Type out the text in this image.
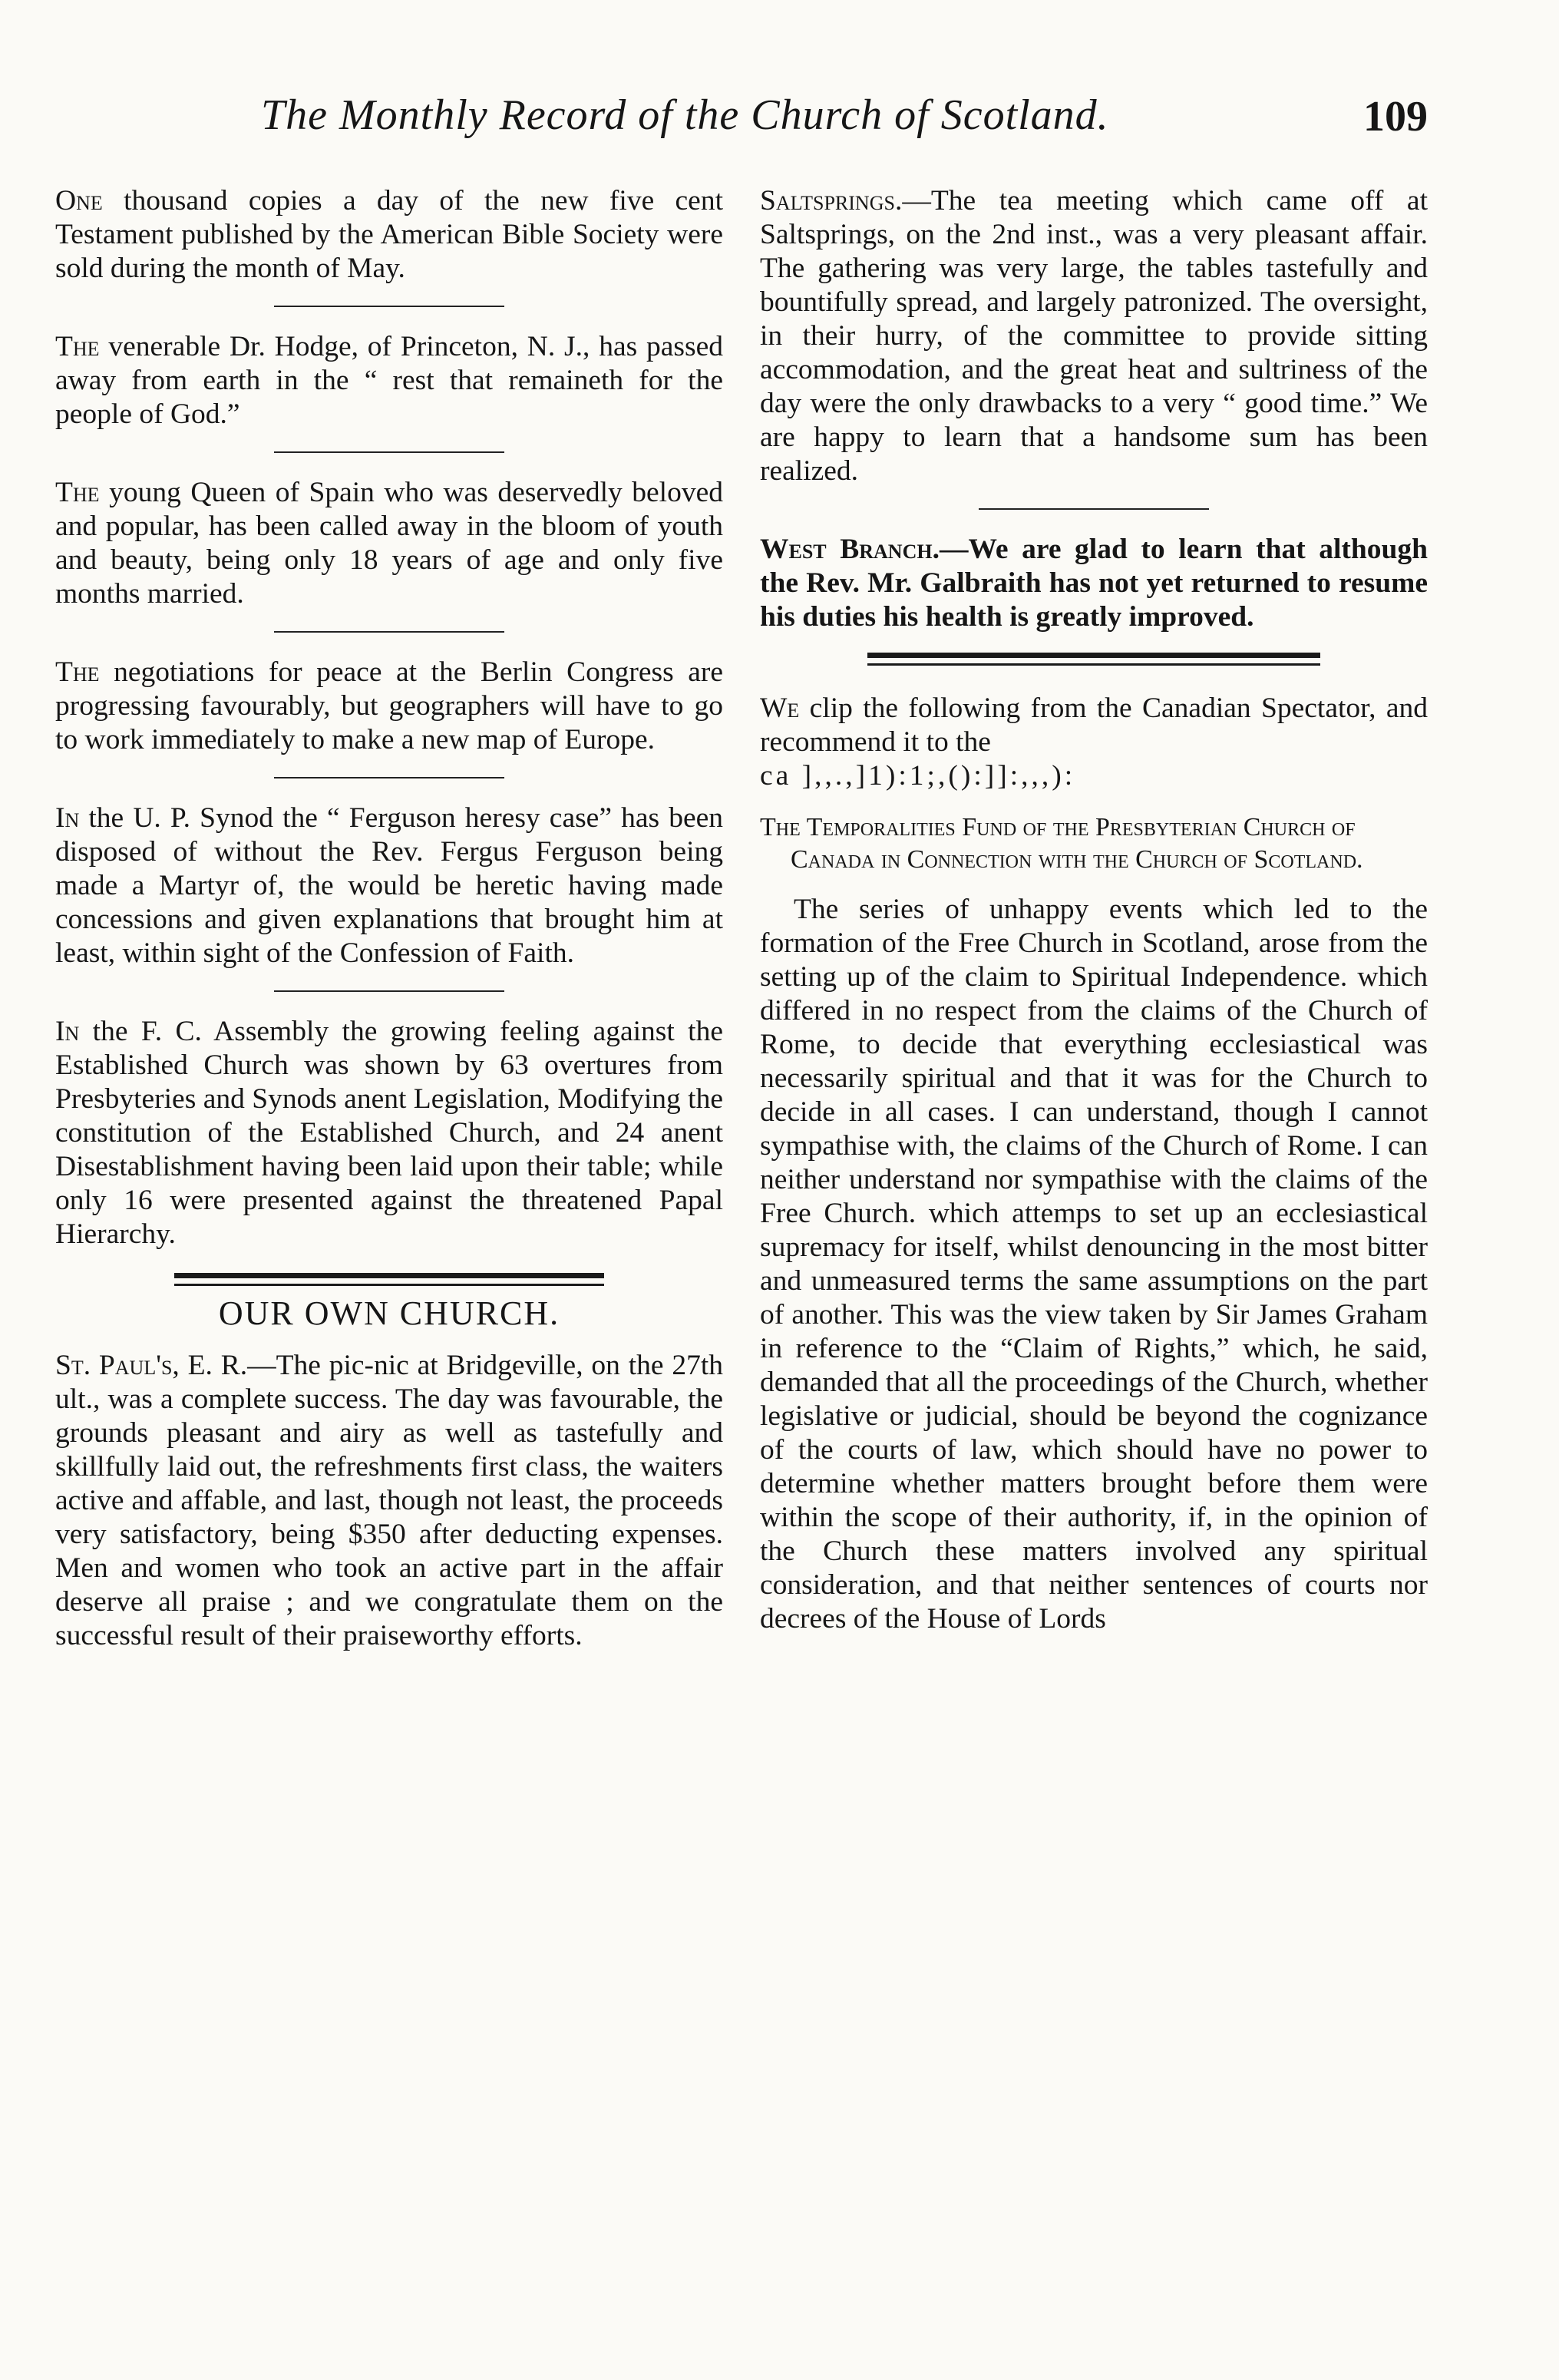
The Monthly Record of the Church of Scotland.	109

One thousand copies a day of the new five cent Testament published by the American Bible Society were sold during the month of May.

The venerable Dr. Hodge, of Princeton, N. J., has passed away from earth in the “ rest that remaineth for the people of God.”

The young Queen of Spain who was deservedly beloved and popular, has been called away in the bloom of youth and beauty, being only 18 years of age and only five months married.

The negotiations for peace at the Berlin Congress are progressing favourably, but geographers will have to go to work immediately to make a new map of Europe.

In the U. P. Synod the “ Ferguson heresy case” has been disposed of without the Rev. Fergus Ferguson being made a Martyr of, the would be heretic having made concessions and given explanations that brought him at least, within sight of the Confession of Faith.

In the F. C. Assembly the growing feeling against the Established Church was shown by 63 overtures from Presbyteries and Synods anent Legislation, Modifying the constitution of the Established Church, and 24 anent Disestablishment having been laid upon their table; while only 16 were presented against the threatened Papal Hierarchy.

OUR OWN CHURCH.

St. Paul's, E. R.—The pic-nic at Bridgeville, on the 27th ult., was a complete success. The day was favourable, the grounds pleasant and airy as well as tastefully and skillfully laid out, the refreshments first class, the waiters active and affable, and last, though not least, the proceeds very satisfactory, being $350 after deducting expenses. Men and women who took an active part in the affair deserve all praise ; and we congratulate them on the successful result of their praiseworthy efforts.

Saltsprings.—The tea meeting which came off at Saltsprings, on the 2nd inst., was a very pleasant affair. The gathering was very large, the tables tastefully and bountifully spread, and largely patronized. The oversight, in their hurry, of the committee to provide sitting accommodation, and the great heat and sultriness of the day were the only drawbacks to a very “ good time.” We are happy to learn that a handsome sum has been realized.

West Branch.—We are glad to learn that although the Rev. Mr. Galbraith has not yet returned to resume his duties his health is greatly improved.

We clip the following from the Canadian Spectator, and recommend it to the
ca ],,.,]1):1;,():]]:,,,):

The Temporalities Fund of the Presbyterian Church of Canada in Connection with the Church of Scotland.

The series of unhappy events which led to the formation of the Free Church in Scotland, arose from the setting up of the claim to Spiritual Independence. which differed in no respect from the claims of the Church of Rome, to decide that everything ecclesiastical was necessarily spiritual and that it was for the Church to decide in all cases. I can understand, though I cannot sympathise with, the claims of the Church of Rome. I can neither understand nor sympathise with the claims of the Free Church. which attemps to set up an ecclesiastical supremacy for itself, whilst denouncing in the most bitter and unmeasured terms the same assumptions on the part of another. This was the view taken by Sir James Graham in reference to the “Claim of Rights,” which, he said, demanded that all the proceedings of the Church, whether legislative or judicial, should be beyond the cognizance of the courts of law, which should have no power to determine whether matters brought before them were within the scope of their authority, if, in the opinion of the Church these matters involved any spiritual consideration, and that neither sentences of courts nor decrees of the House of Lords
